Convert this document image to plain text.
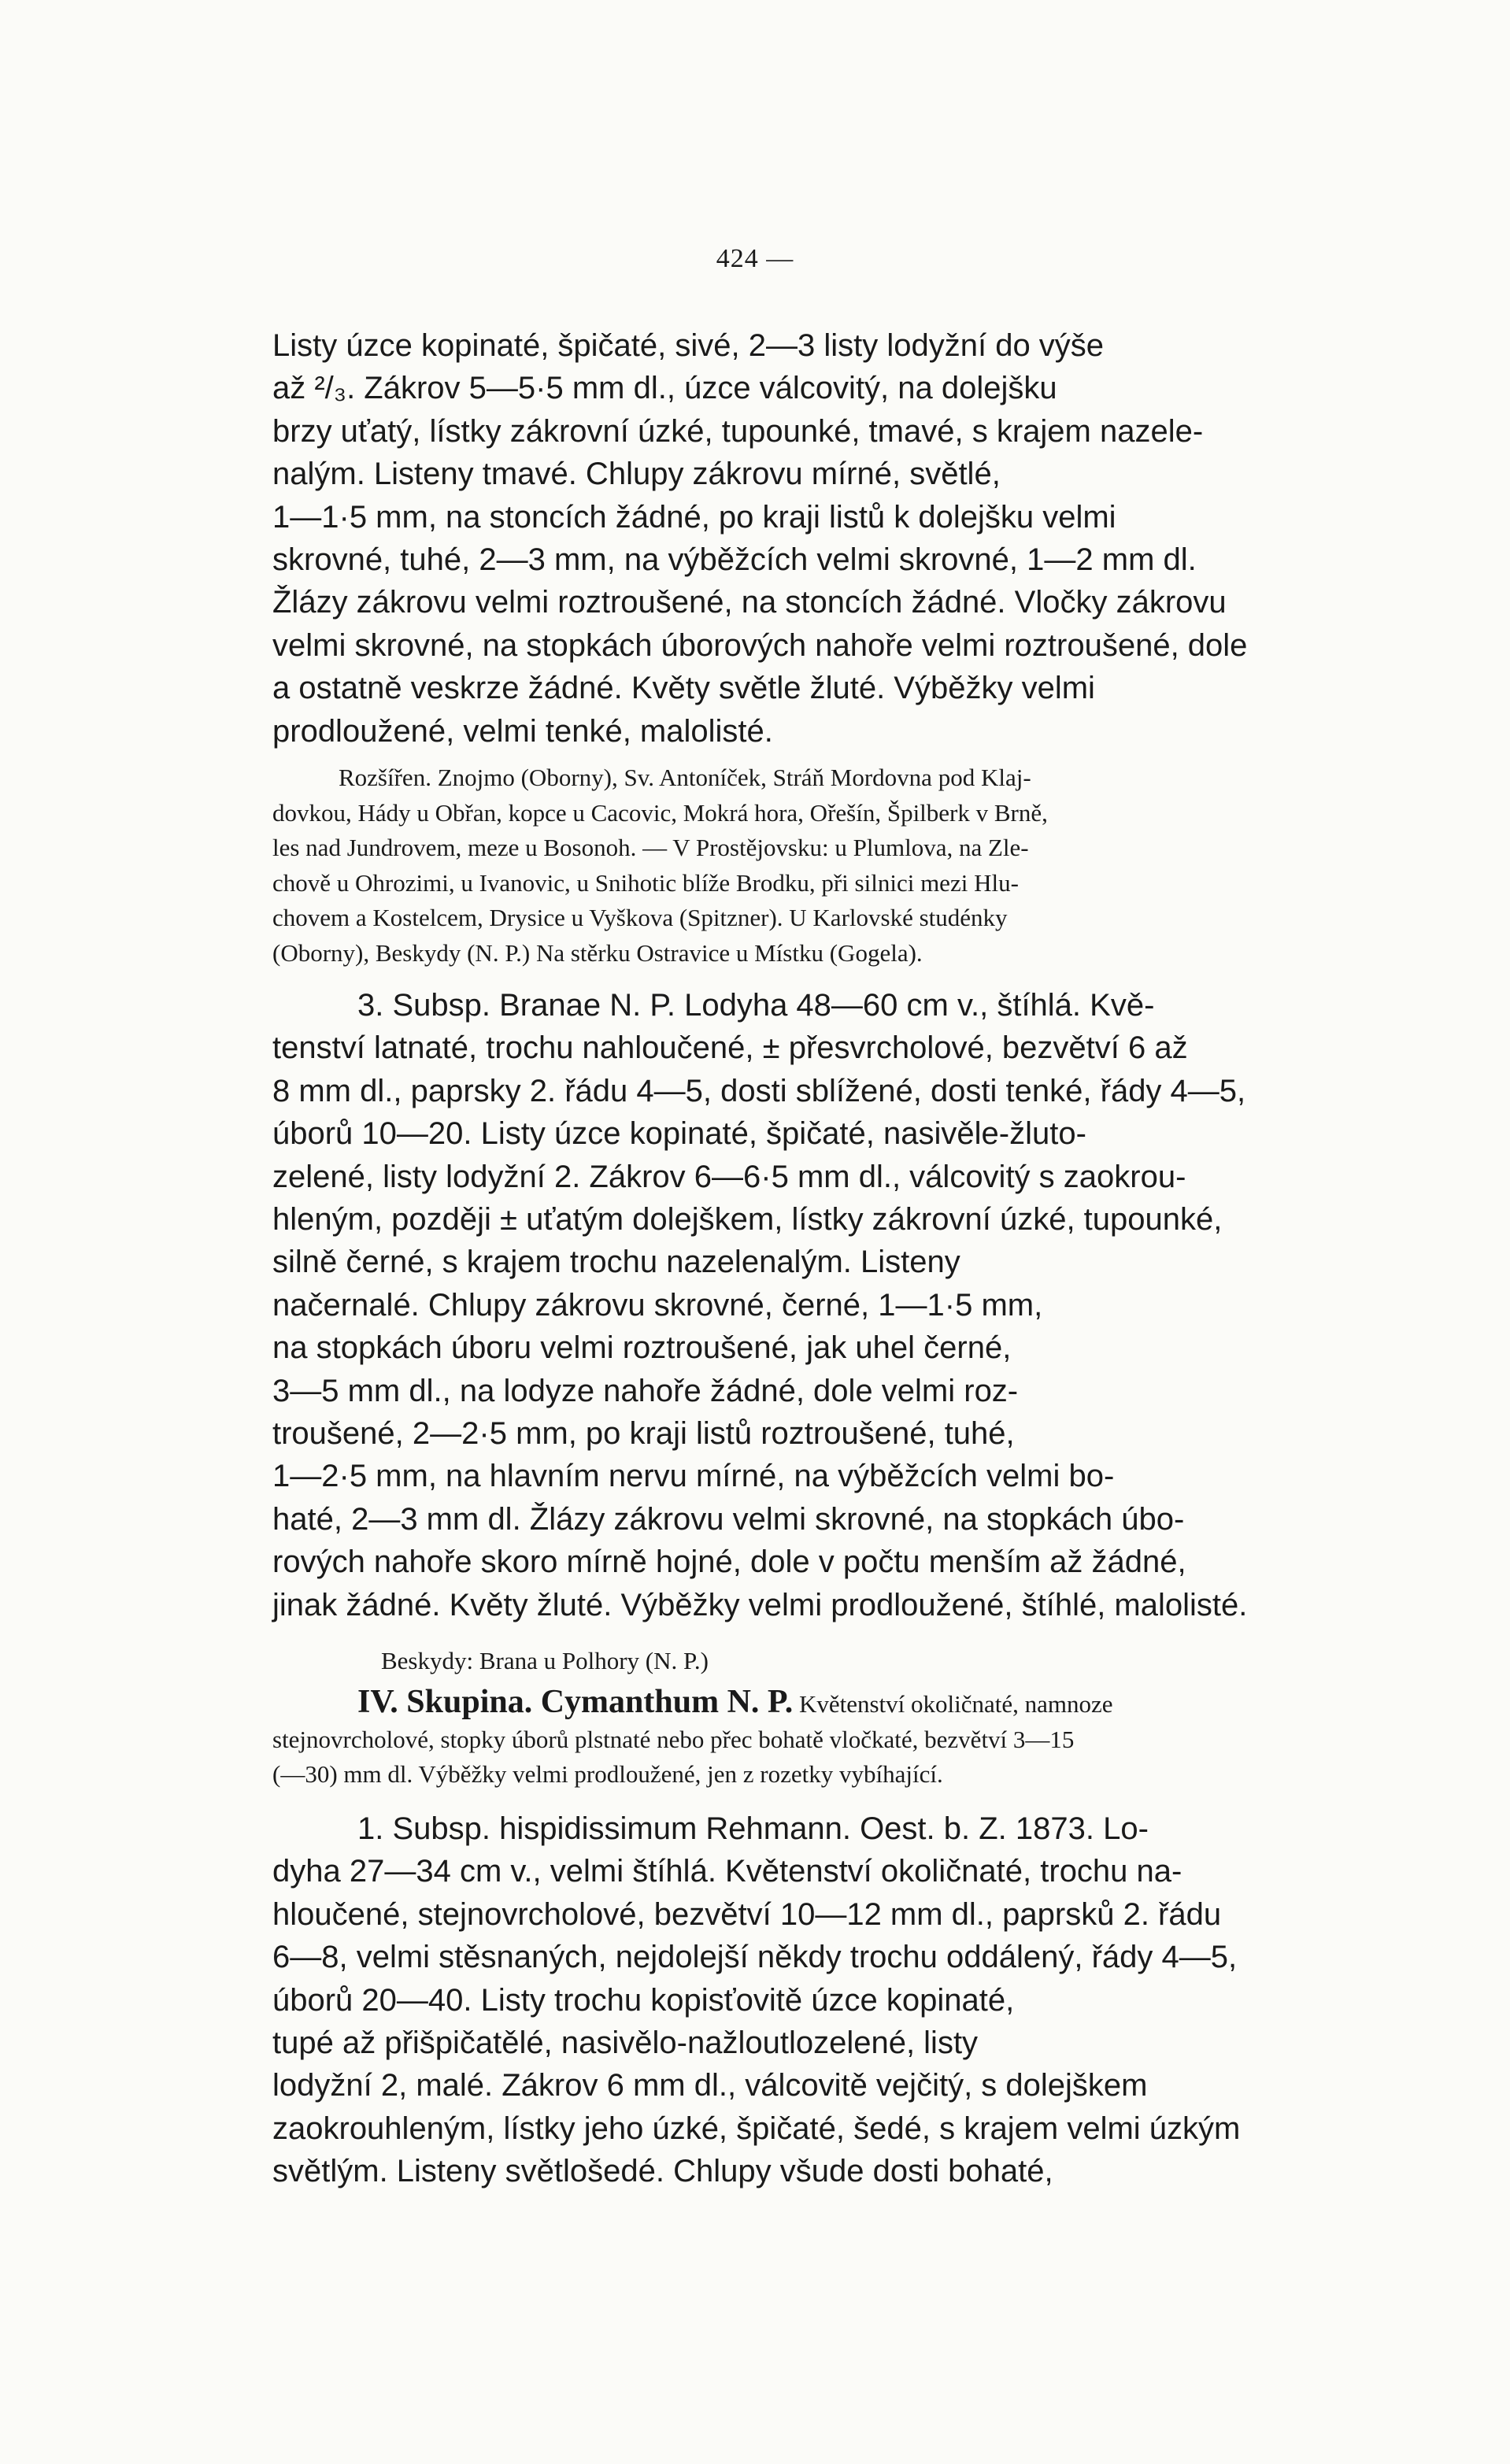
424 —

Listy úzce kopinaté, špičaté, sivé, 2—3 listy lodyžní do výše
až ²/₃. Zákrov 5—5·5 mm dl., úzce válcovitý, na dolejšku
brzy uťatý, lístky zákrovní úzké, tupounké, tmavé, s krajem nazele-
nalým. Listeny tmavé. Chlupy zákrovu mírné, světlé,
1—1·5 mm, na stoncích žádné, po kraji listů k dolejšku velmi
skrovné, tuhé, 2—3 mm, na výběžcích velmi skrovné, 1—2 mm dl.
Žlázy zákrovu velmi roztroušené, na stoncích žádné. Vločky zákrovu
velmi skrovné, na stopkách úborových nahoře velmi roztroušené, dole
a ostatně veskrze žádné. Květy světle žluté. Výběžky velmi
prodloužené, velmi tenké, malolisté.

Rozšířen. Znojmo (Oborny), Sv. Antoníček, Stráň Mordovna pod Klaj-
dovkou, Hády u Obřan, kopce u Cacovic, Mokrá hora, Ořešín, Špilberk v Brně,
les nad Jundrovem, meze u Bosonoh. — V Prostějovsku: u Plumlova, na Zle-
chově u Ohrozimi, u Ivanovic, u Snihotic blíže Brodku, při silnici mezi Hlu-
chovem a Kostelcem, Drysice u Vyškova (Spitzner). U Karlovské studénky
(Oborny), Beskydy (N. P.) Na stěrku Ostravice u Místku (Gogela).

3. Subsp. Branae N. P. Lodyha 48—60 cm v., štíhlá. Kvě-
tenství latnaté, trochu nahloučené, ± přesvrcholové, bezvětví 6 až
8 mm dl., paprsky 2. řádu 4—5, dosti sblížené, dosti tenké, řády 4—5,
úborů 10—20. Listy úzce kopinaté, špičaté, nasivěle-žluto-
zelené, listy lodyžní 2. Zákrov 6—6·5 mm dl., válcovitý s zaokrou-
hleným, později ± uťatým dolejškem, lístky zákrovní úzké, tupounké,
silně černé, s krajem trochu nazelenalým. Listeny
načernalé. Chlupy zákrovu skrovné, černé, 1—1·5 mm,
na stopkách úboru velmi roztroušené, jak uhel černé,
3—5 mm dl., na lodyze nahoře žádné, dole velmi roz-
troušené, 2—2·5 mm, po kraji listů roztroušené, tuhé,
1—2·5 mm, na hlavním nervu mírné, na výběžcích velmi bo-
haté, 2—3 mm dl. Žlázy zákrovu velmi skrovné, na stopkách úbo-
rových nahoře skoro mírně hojné, dole v počtu menším až žádné,
jinak žádné. Květy žluté. Výběžky velmi prodloužené, štíhlé, malolisté.

Beskydy: Brana u Polhory (N. P.)

IV. Skupina. Cymanthum N. P. Květenství okoličnaté, namnoze
stejnovrcholové, stopky úborů plstnaté nebo přec bohatě vločkaté, bezvětví 3—15
(—30) mm dl. Výběžky velmi prodloužené, jen z rozetky vybíhající.

1. Subsp. hispidissimum Rehmann. Oest. b. Z. 1873. Lo-
dyha 27—34 cm v., velmi štíhlá. Květenství okoličnaté, trochu na-
hloučené, stejnovrcholové, bezvětví 10—12 mm dl., paprsků 2. řádu
6—8, velmi stěsnaných, nejdolejší někdy trochu oddálený, řády 4—5,
úborů 20—40. Listy trochu kopisťovitě úzce kopinaté,
tupé až přišpičatělé, nasivělo-nažloutlozelené, listy
lodyžní 2, malé. Zákrov 6 mm dl., válcovitě vejčitý, s dolejškem
zaokrouhleným, lístky jeho úzké, špičaté, šedé, s krajem velmi úzkým
světlým. Listeny světlošedé. Chlupy všude dosti bohaté,
